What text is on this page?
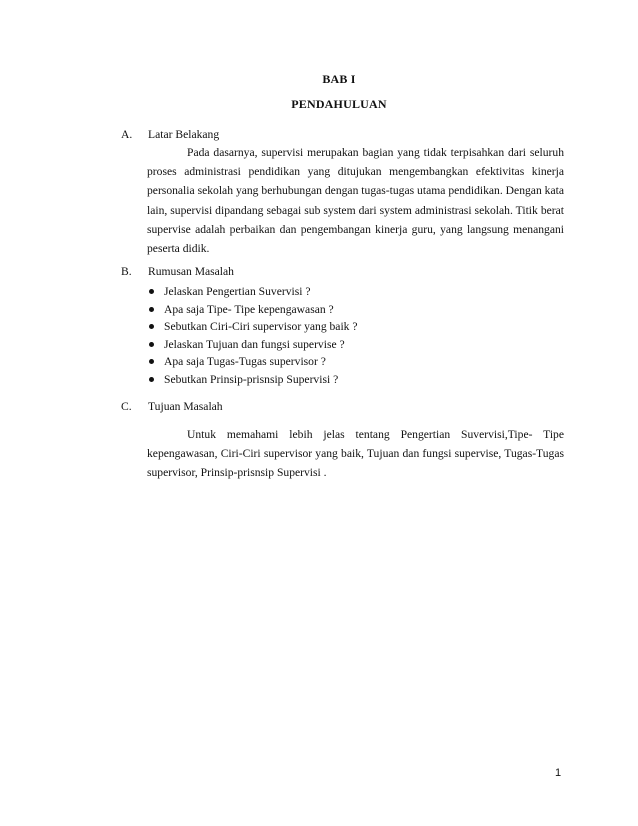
BAB I
PENDAHULUAN
A. Latar Belakang
Pada dasarnya, supervisi merupakan bagian yang tidak terpisahkan dari seluruh proses administrasi pendidikan yang ditujukan mengembangkan efektivitas kinerja personalia sekolah yang berhubungan dengan tugas-tugas utama pendidikan. Dengan kata lain, supervisi dipandang sebagai sub system dari system administrasi sekolah. Titik berat supervise adalah perbaikan dan pengembangan kinerja guru, yang langsung menangani peserta didik.
B. Rumusan Masalah
Jelaskan Pengertian Suvervisi ?
Apa saja Tipe- Tipe kepengawasan ?
Sebutkan Ciri-Ciri supervisor yang baik ?
Jelaskan Tujuan dan fungsi supervise ?
Apa saja Tugas-Tugas supervisor ?
Sebutkan Prinsip-prisnsip Supervisi ?
C. Tujuan Masalah
Untuk memahami lebih jelas tentang Pengertian Suvervisi,Tipe- Tipe kepengawasan, Ciri-Ciri supervisor yang baik, Tujuan dan fungsi supervise, Tugas-Tugas supervisor, Prinsip-prisnsip Supervisi .
1
